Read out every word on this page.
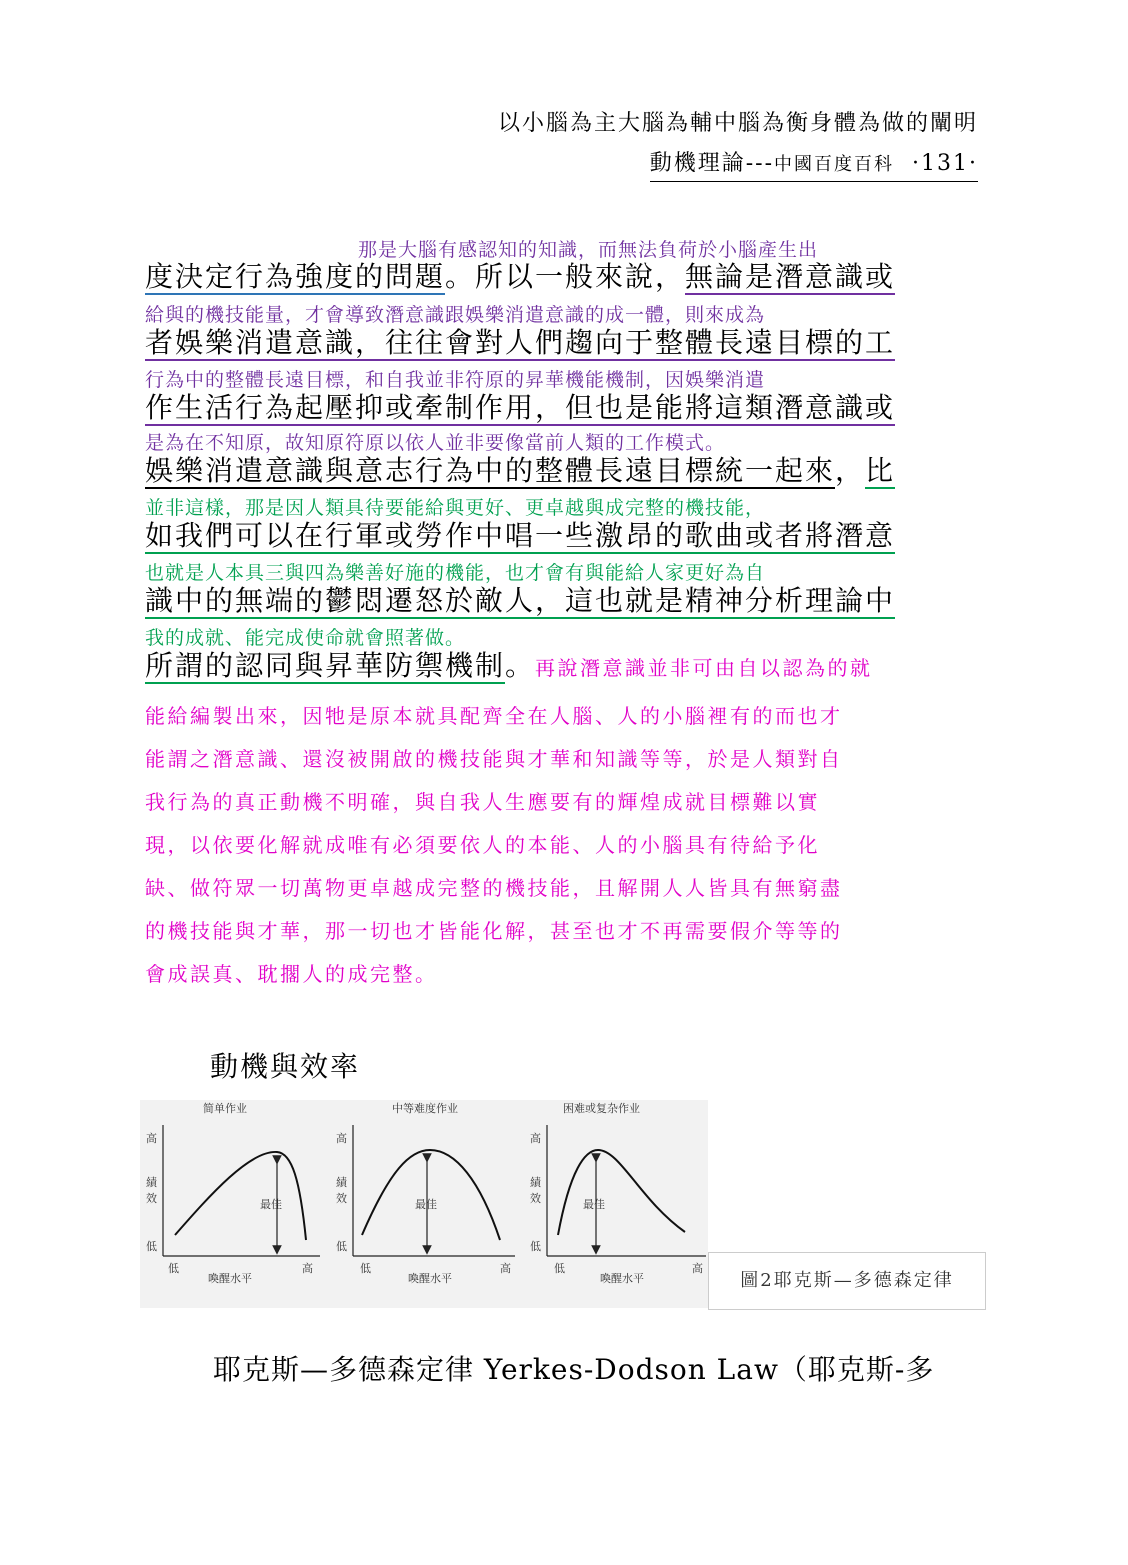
以小腦為主大腦為輔中腦為衡身體為做的闡明
動機理論---中國百度百科 ·131·
那是大腦有感認知的知識，而無法負荷於小腦產生出
度決定行為強度的問題。所以一般來說，無論是潛意識或
給與的機技能量，才會導致潛意識跟娛樂消遣意識的成一體，則來成為
者娛樂消遣意識，往往會對人們趨向于整體長遠目標的工
行為中的整體長遠目標，和自我並非符原的昇華機能機制，因娛樂消遣
作生活行為起壓抑或牽制作用，但也是能將這類潛意識或
是為在不知原，故知原符原以依人並非要像當前人類的工作模式。
娛樂消遣意識與意志行為中的整體長遠目標統一起來，比
並非這樣，那是因人類具待要能給與更好、更卓越與成完整的機技能，
如我們可以在行軍或勞作中唱一些激昂的歌曲或者將潛意
也就是人本具三與四為樂善好施的機能，也才會有與能給人家更好為自
識中的無端的鬱悶遷怒於敵人，這也就是精神分析理論中
我的成就、能完成使命就會照著做。
所謂的認同與昇華防禦機制。再說潛意識並非可由自以認為的就
能給編製出來，因牠是原本就具配齊全在人腦、人的小腦裡有的而也才
能謂之潛意識、還沒被開啟的機技能與才華和知識等等，於是人類對自
我行為的真正動機不明確，與自我人生應要有的輝煌成就目標難以實
現，以依要化解就成唯有必須要依人的本能、人的小腦具有待給予化
缺、做符眾一切萬物更卓越成完整的機技能，且解開人人皆具有無窮盡
的機技能與才華，那一切也才皆能化解，甚至也才不再需要假介等等的
會成誤真、耽擱人的成完整。
動機與效率
简单作业
高
績
效
低
最佳
低
喚醒水平
高
中等难度作业
高
績
效
低
最佳
低
喚醒水平
高
困难或复杂作业
高
績
效
低
最佳
低
喚醒水平
高
圖2耶克斯—多德森定律
耶克斯—多德森定律 Yerkes-Dodson Law（耶克斯-多
